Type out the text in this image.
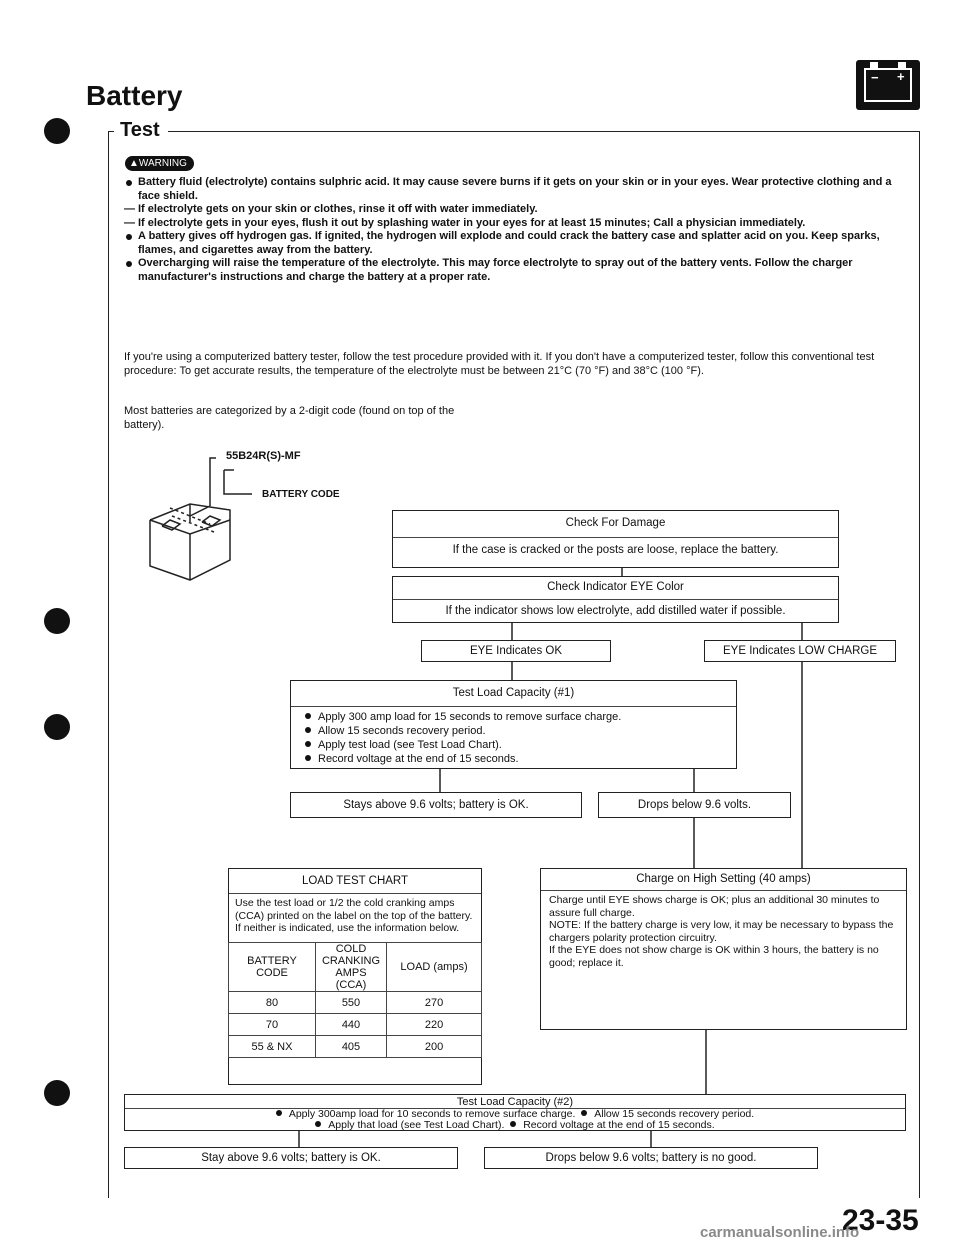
Battery
− +
Test
▲WARNING
Battery fluid (electrolyte) contains sulphric acid. It may cause severe burns if it gets on your skin or in your eyes. Wear protective clothing and a face shield.
— If electrolyte gets on your skin or clothes, rinse it off with water immediately.
— If electrolyte gets in your eyes, flush it out by splashing water in your eyes for at least 15 minutes; Call a physician immediately.
A battery gives off hydrogen gas. If ignited, the hydrogen will explode and could crack the battery case and splatter acid on you. Keep sparks, flames, and cigarettes away from the battery.
Overcharging will raise the temperature of the electrolyte. This may force electrolyte to spray out of the battery vents. Follow the charger manufacturer's instructions and charge the battery at a proper rate.
If you're using a computerized battery tester, follow the test procedure provided with it. If you don't have a computerized tester, follow this conventional test procedure: To get accurate results, the temperature of the electrolyte must be between 21°C (70 °F) and 38°C (100 °F).
Most batteries are categorized by a 2-digit code (found on top of the battery).
55B24R(S)-MF
BATTERY CODE
Check For Damage
If the case is cracked or the posts are loose, replace the battery.
Check Indicator EYE Color
If the indicator shows low electrolyte, add distilled water if possible.
EYE Indicates OK	EYE Indicates LOW CHARGE
Test Load Capacity (#1)
Apply 300 amp load for 15 seconds to remove surface charge.
Allow 15 seconds recovery period.
Apply test load (see Test Load Chart).
Record voltage at the end of 15 seconds.
Stays above 9.6 volts; battery is OK.	Drops below 9.6 volts.
LOAD TEST CHART
Use the test load or 1/2 the cold cranking amps (CCA) printed on the label on the top of the battery. If neither is indicated, use the information below.
BATTERY CODE	COLD CRANKING AMPS (CCA)	LOAD (amps)
80	550	270
70	440	220
55 & NX	405	200
Charge on High Setting (40 amps)
Charge until EYE shows charge is OK; plus an additional 30 minutes to assure full charge.
NOTE: If the battery charge is very low, it may be necessary to bypass the chargers polarity protection circuitry.
If the EYE does not show charge is OK within 3 hours, the battery is no good; replace it.
Test Load Capacity (#2)
Apply 300amp load for 10 seconds to remove surface charge. Allow 15 seconds recovery period.
Apply that load (see Test Load Chart). Record voltage at the end of 15 seconds.
Stay above 9.6 volts; battery is OK.	Drops below 9.6 volts; battery is no good.
23-35
carmanualsonline.info
